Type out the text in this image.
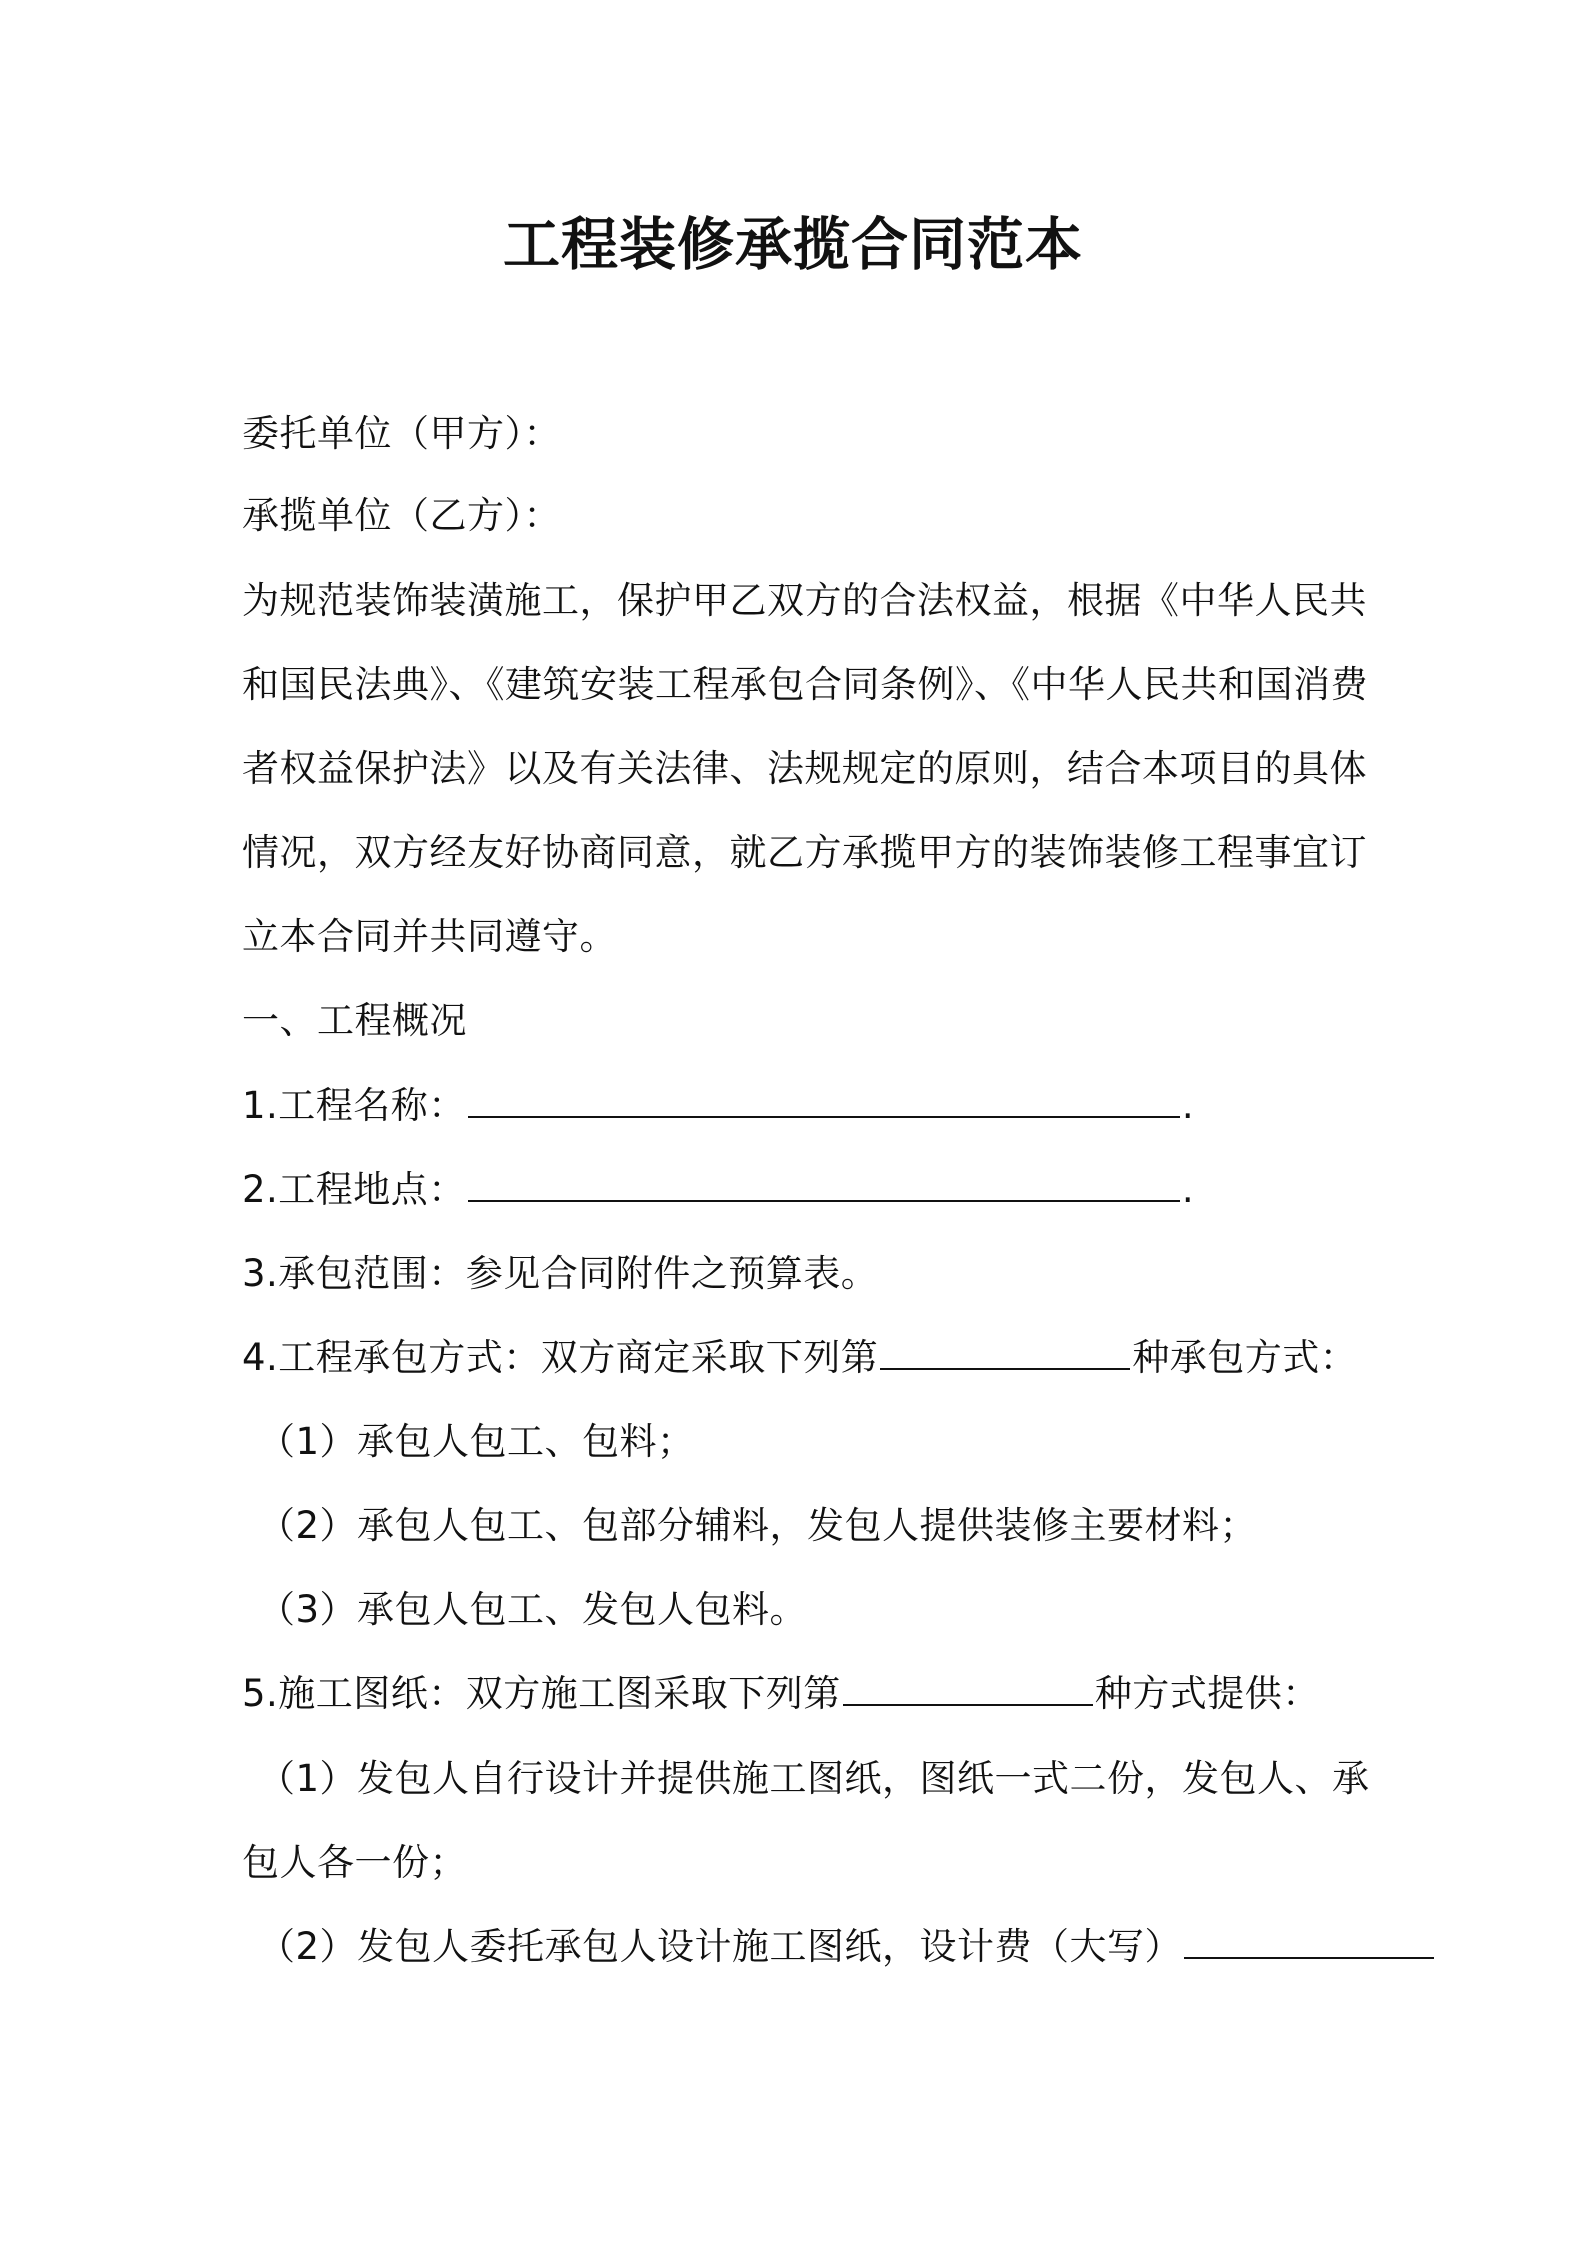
工程装修承揽合同范本
委托单位（甲方）：
承揽单位（乙方）：
为规范装饰装潢施工，保护甲乙双方的合法权益，根据《中华人民共
和国民法典》、《建筑安装工程承包合同条例》、《中华人民共和国消费
者权益保护法》以及有关法律、法规规定的原则，结合本项目的具体
情况，双方经友好协商同意，就乙方承揽甲方的装饰装修工程事宜订
立本合同并共同遵守。
一、工程概况
1.工程名称：	.
2.工程地点：	.
3.承包范围：参见合同附件之预算表。
4.工程承包方式：双方商定采取下列第	种承包方式：
（1）承包人包工、包料；
（2）承包人包工、包部分辅料，发包人提供装修主要材料；
（3）承包人包工、发包人包料。
5.施工图纸：双方施工图采取下列第	种方式提供：
（1）发包人自行设计并提供施工图纸，图纸一式二份，发包人、承
包人各一份；
（2）发包人委托承包人设计施工图纸，设计费（大写）
